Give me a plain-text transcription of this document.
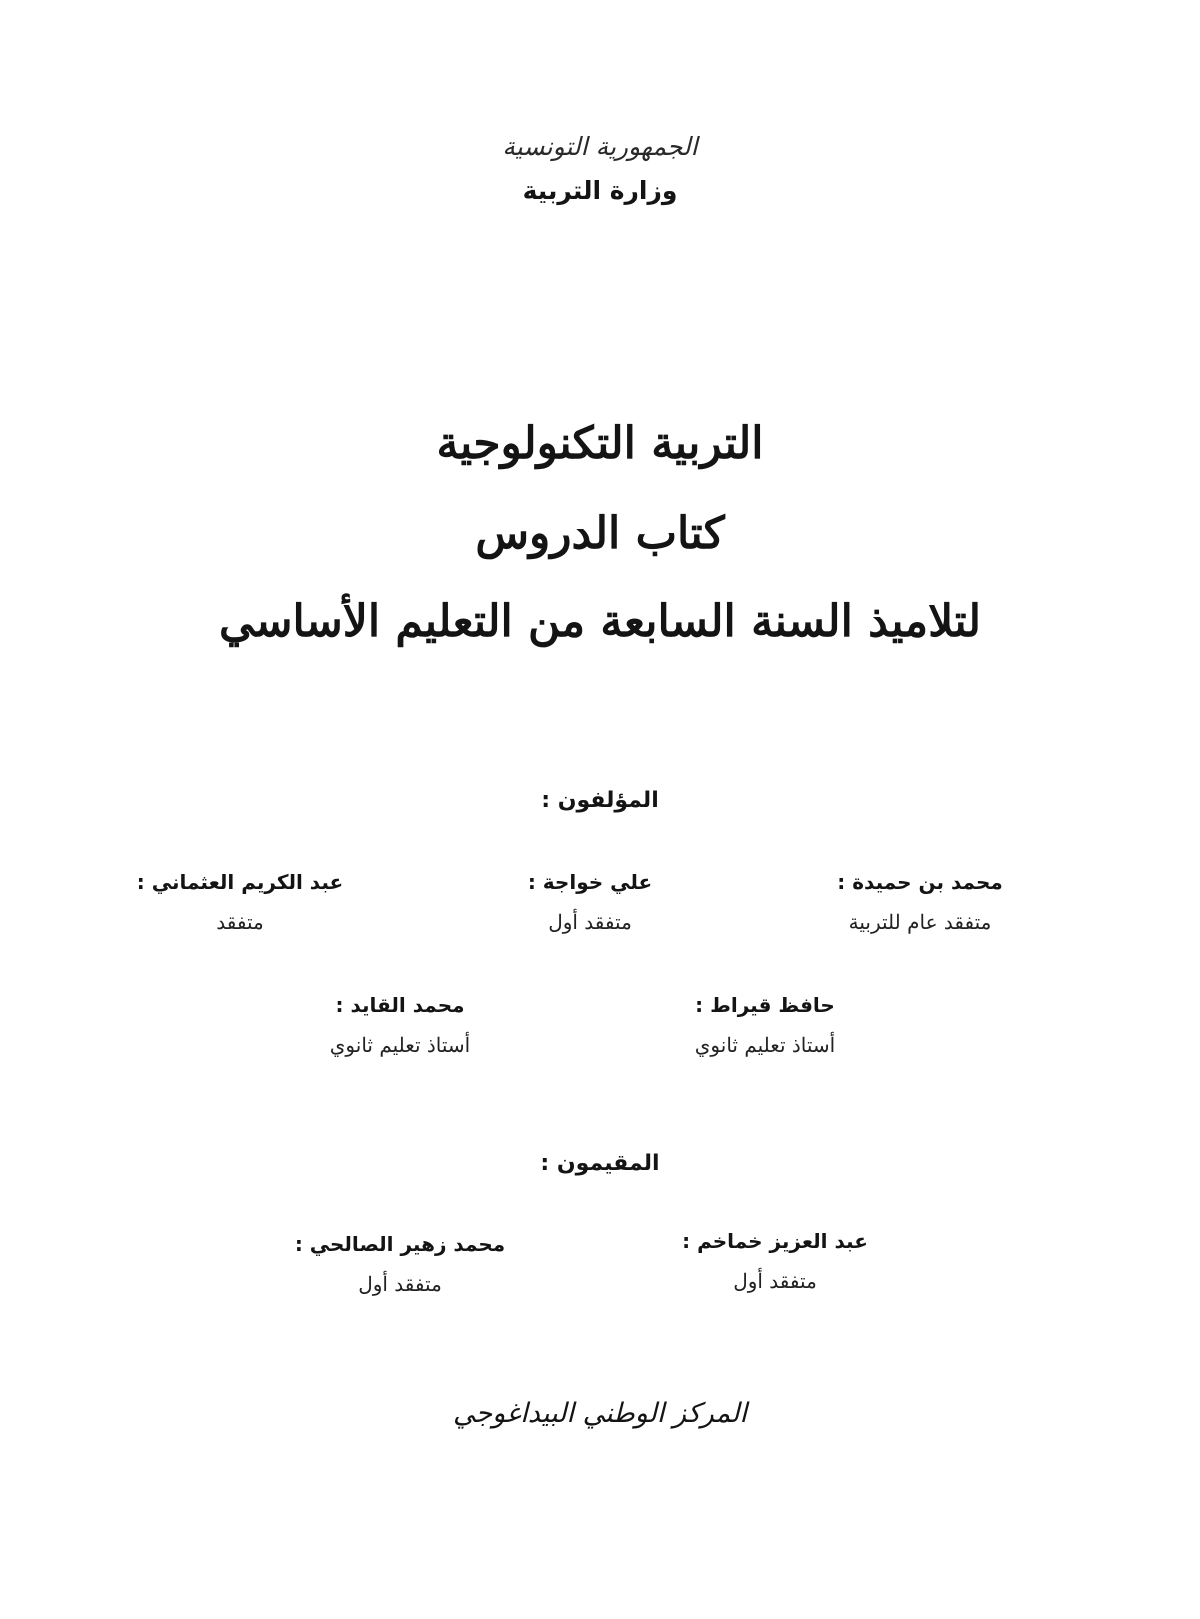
الجمهورية التونسية
وزارة التربية
التربية التكنولوجية
كتاب الدروس
لتلاميذ السنة السابعة من التعليم الأساسي
المؤلفون :
محمد بن حميدة :
متفقد عام للتربية
علي خواجة :
متفقد أول
عبد الكريم العثماني :
متفقد
حافظ قيراط :
أستاذ تعليم ثانوي
محمد القايد :
أستاذ تعليم ثانوي
المقيمون :
عبد العزيز خماخم :
متفقد أول
محمد زهير الصالحي :
متفقد أول
المركز الوطني البيداغوجي
